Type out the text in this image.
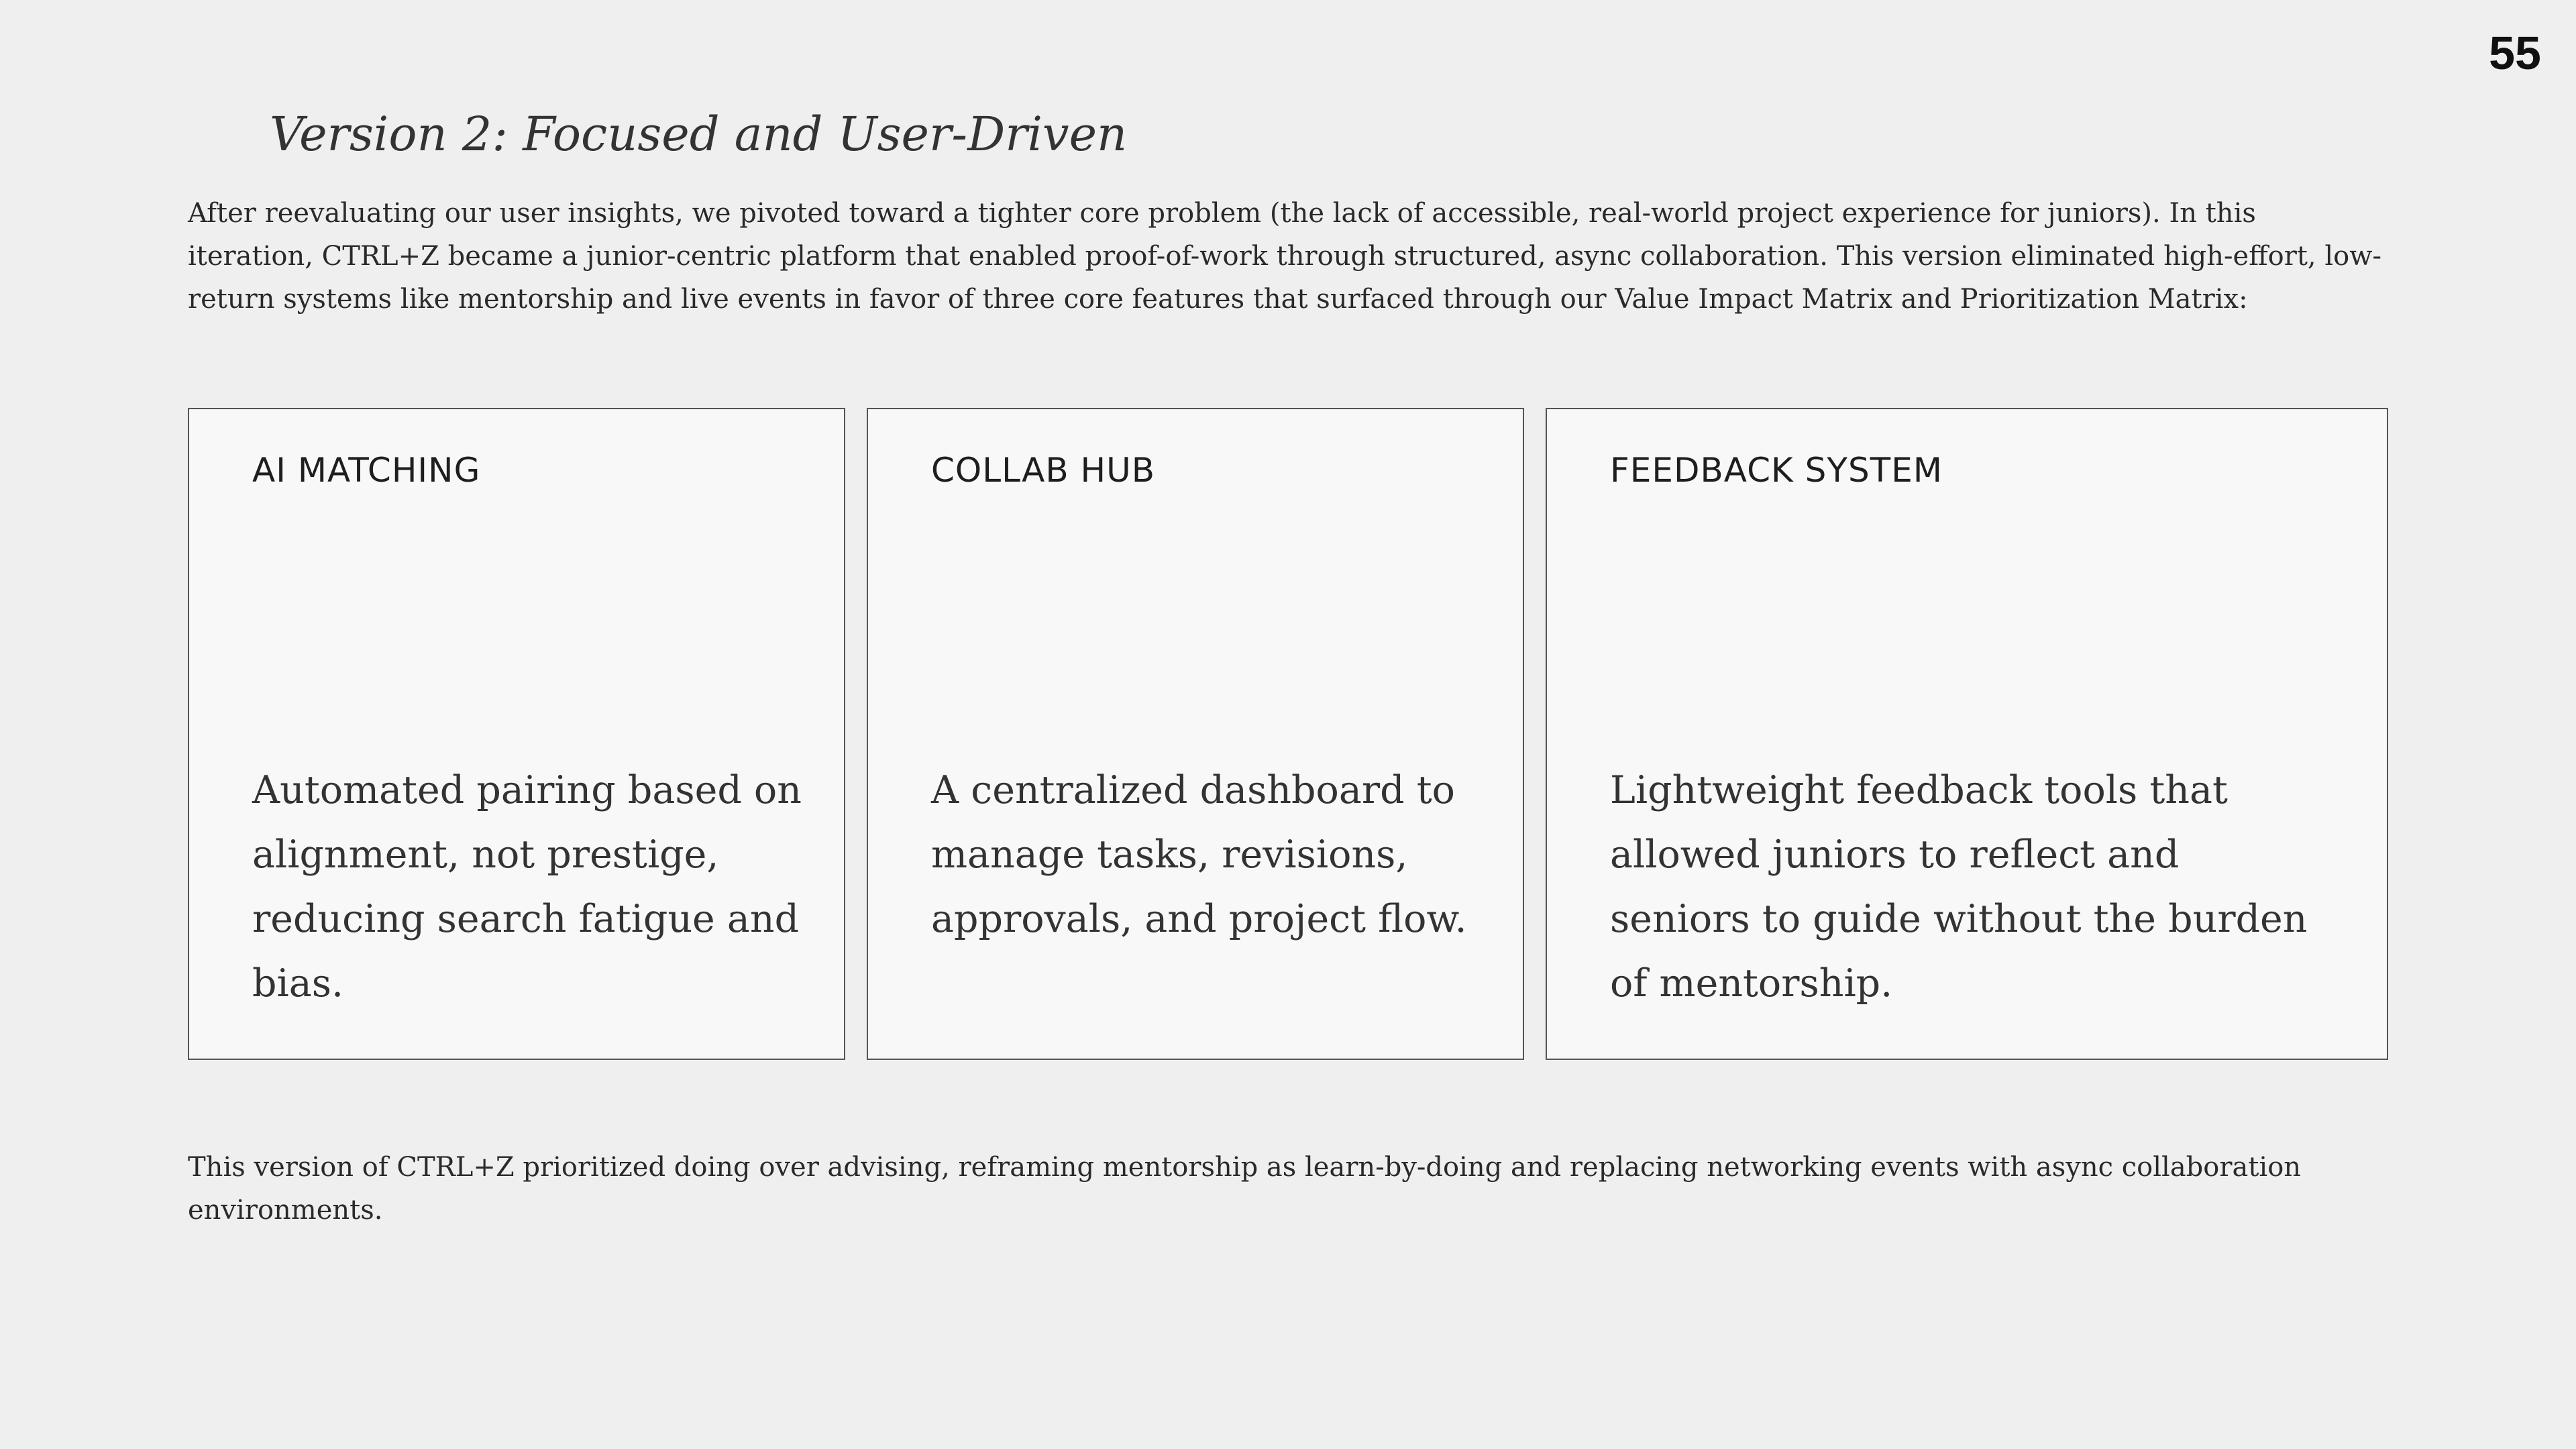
55
Version 2: Focused and User-Driven

After reevaluating our user insights, we pivoted toward a tighter core problem (the lack of accessible, real-world project experience for juniors). In this iteration, CTRL+Z became a junior-centric platform that enabled proof-of-work through structured, async collaboration. This version eliminated high-effort, low-return systems like mentorship and live events in favor of three core features that surfaced through our Value Impact Matrix and Prioritization Matrix:

AI MATCHING

Automated pairing based on alignment, not prestige, reducing search fatigue and bias.

COLLAB HUB

A centralized dashboard to manage tasks, revisions, approvals, and project flow.

FEEDBACK SYSTEM

Lightweight feedback tools that allowed juniors to reflect and seniors to guide without the burden of mentorship.

This version of CTRL+Z prioritized doing over advising, reframing mentorship as learn-by-doing and replacing networking events with async collaboration environments.
